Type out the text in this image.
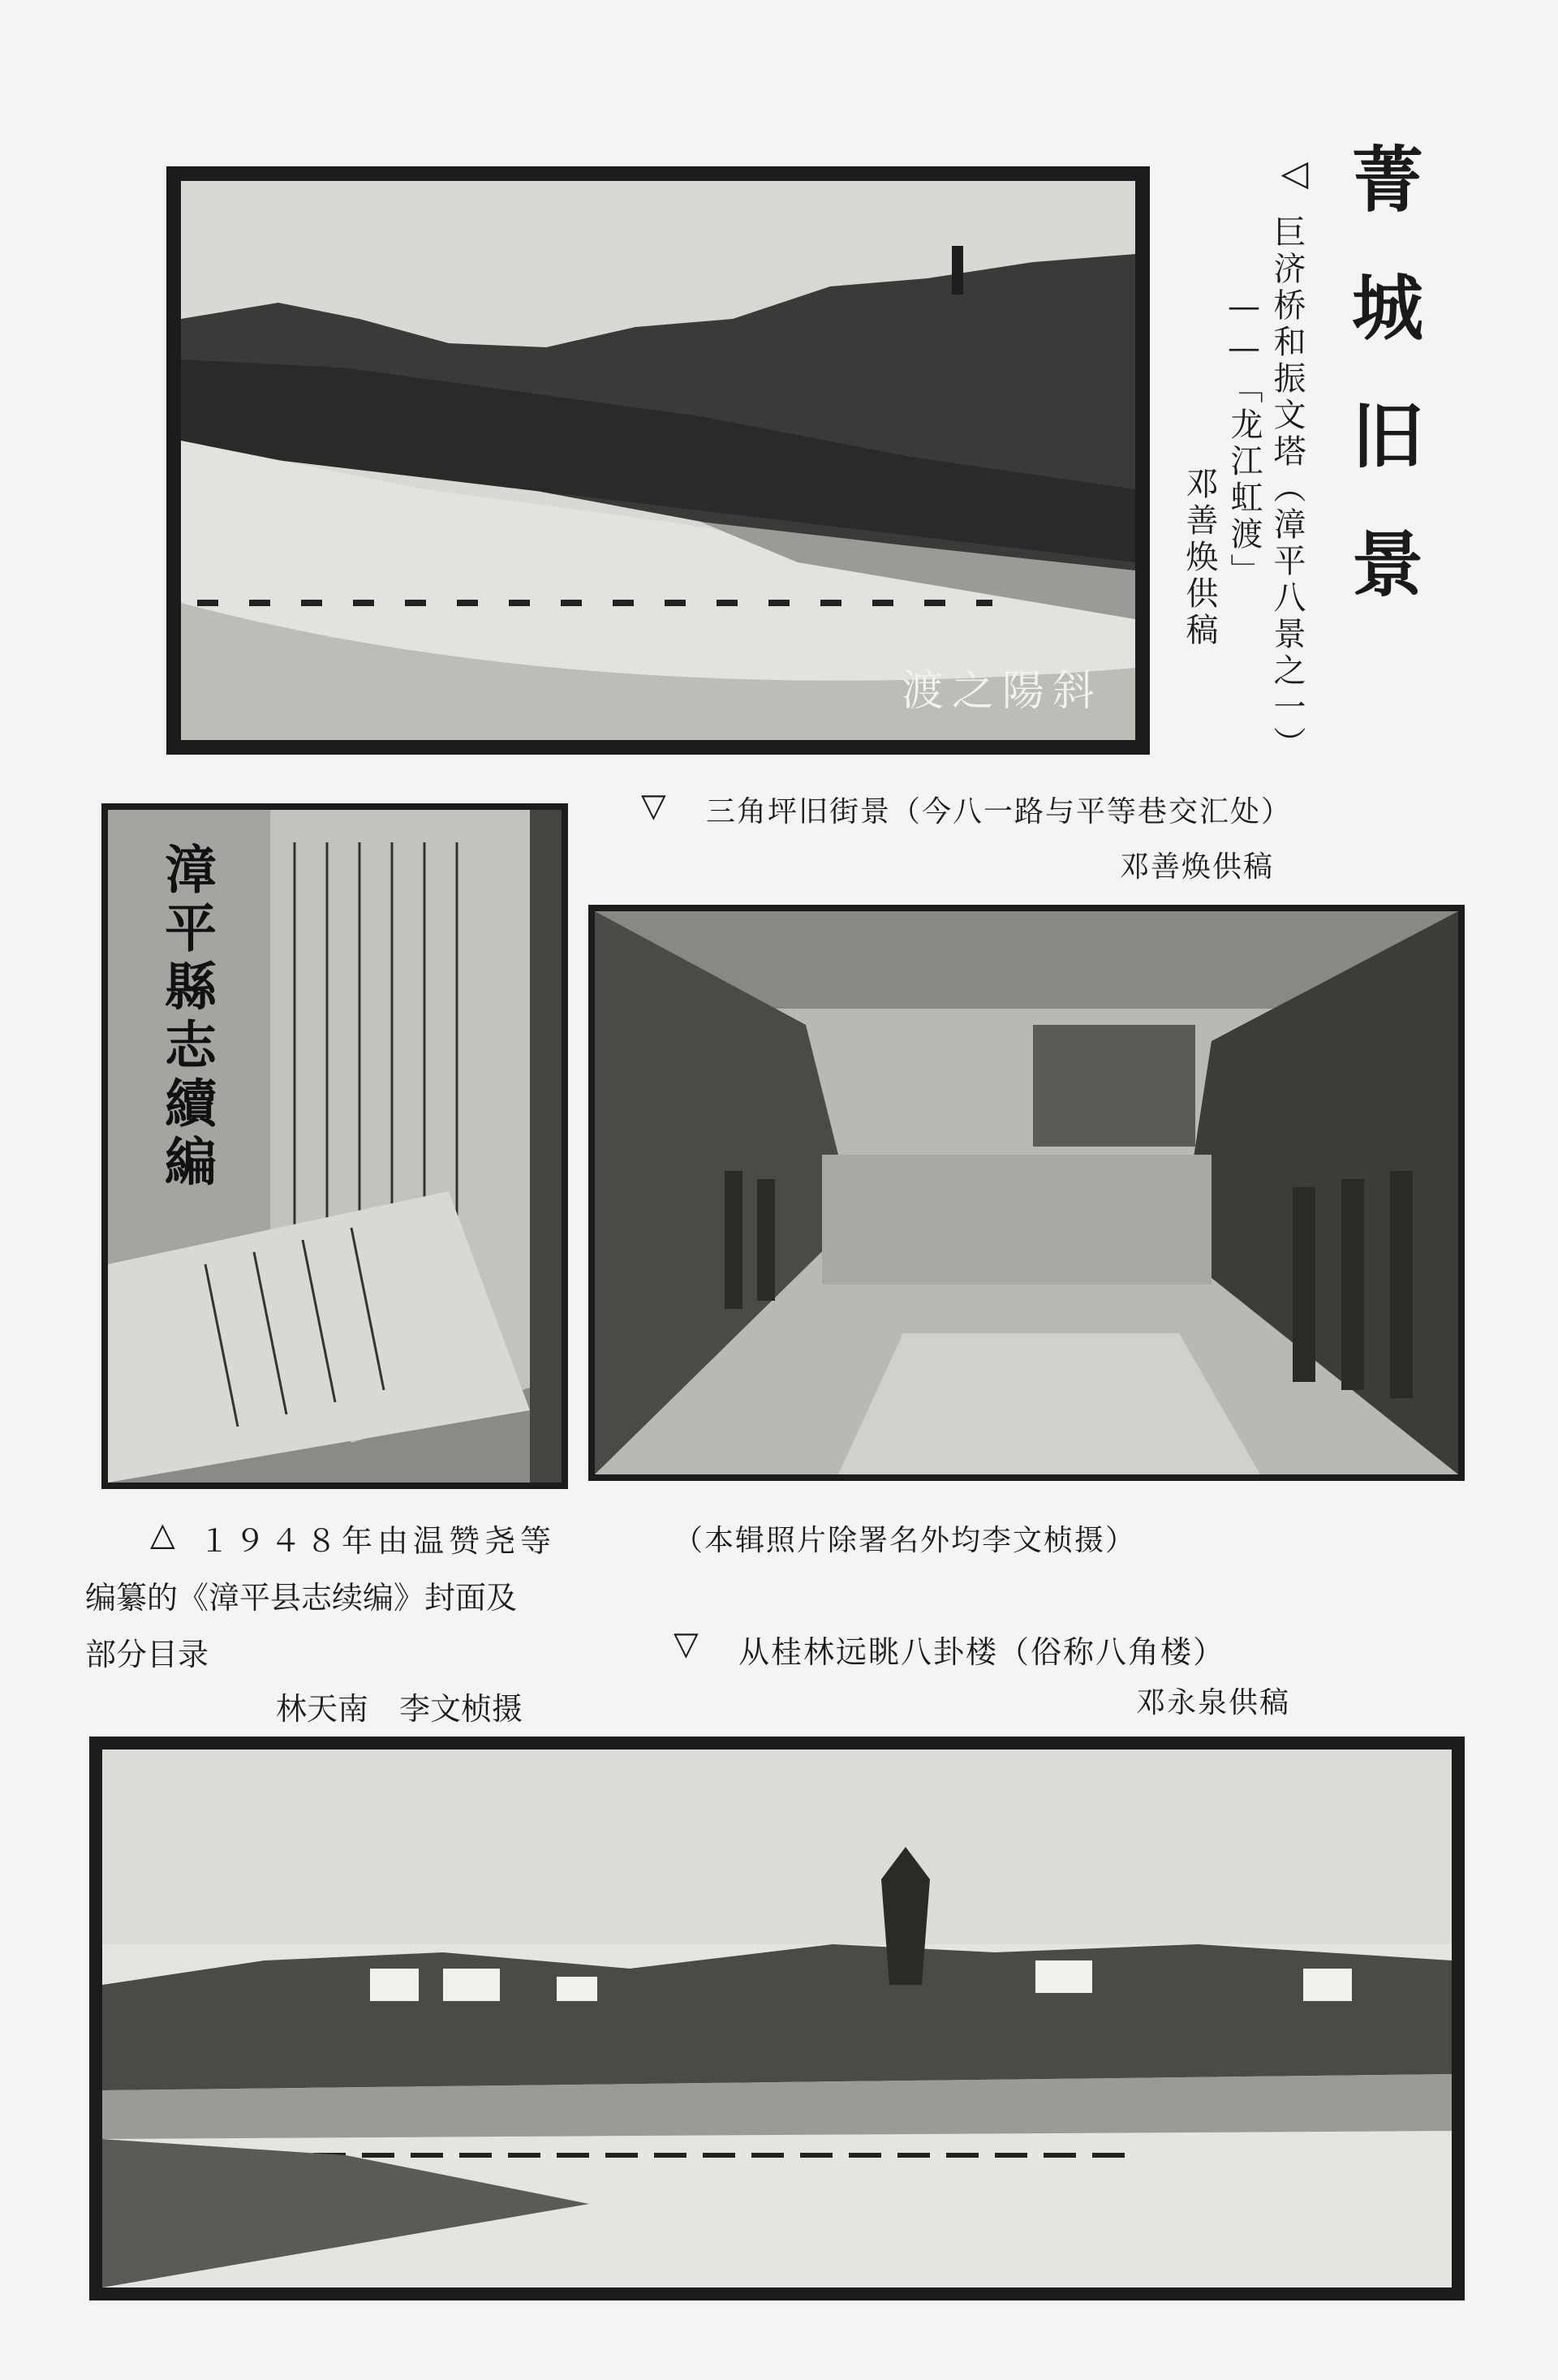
菁城旧景
◁
巨济桥和振文塔（漳平八景之一）
——「龙江虹渡」
邓善焕供稿
斜陽之渡
▽ 三角坪旧街景（今八一路与平等巷交汇处）
邓善焕供稿
漳平縣志續編
△ １９４８年由温赞尧等
编纂的《漳平县志续编》封面及
部分目录
林天南　李文桢摄
（本辑照片除署名外均李文桢摄）
▽ 从桂林远眺八卦楼（俗称八角楼）
邓永泉供稿
